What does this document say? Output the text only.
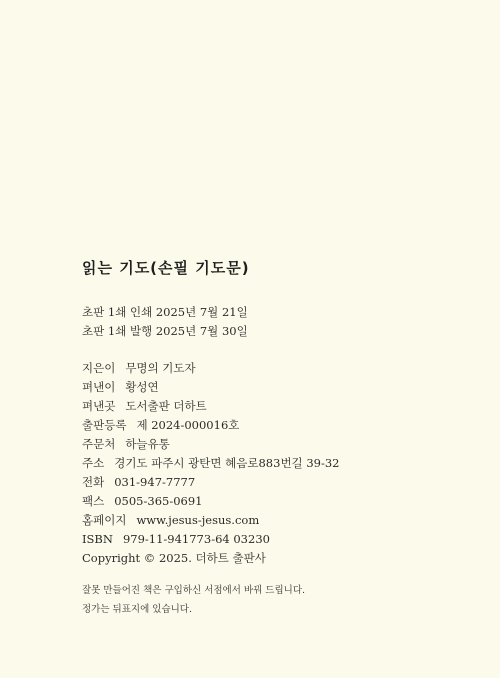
읽는 기도(손필 기도문)
초판 1쇄 인쇄 2025년 7월 21일
초판 1쇄 발행 2025년 7월 30일
지은이 무명의 기도자
펴낸이 황성연
펴낸곳 도서출판 더하트
출판등록 제 2024-000016호
주문처 하늘유통
주소 경기도 파주시 광탄면 혜음로883번길 39-32
전화 031-947-7777
팩스 0505-365-0691
홈페이지 www.jesus-jesus.com
ISBN 979-11-941773-64 03230
Copyright © 2025. 더하트 출판사
잘못 만들어진 책은 구입하신 서점에서 바꿔 드립니다.
정가는 뒤표지에 있습니다.
